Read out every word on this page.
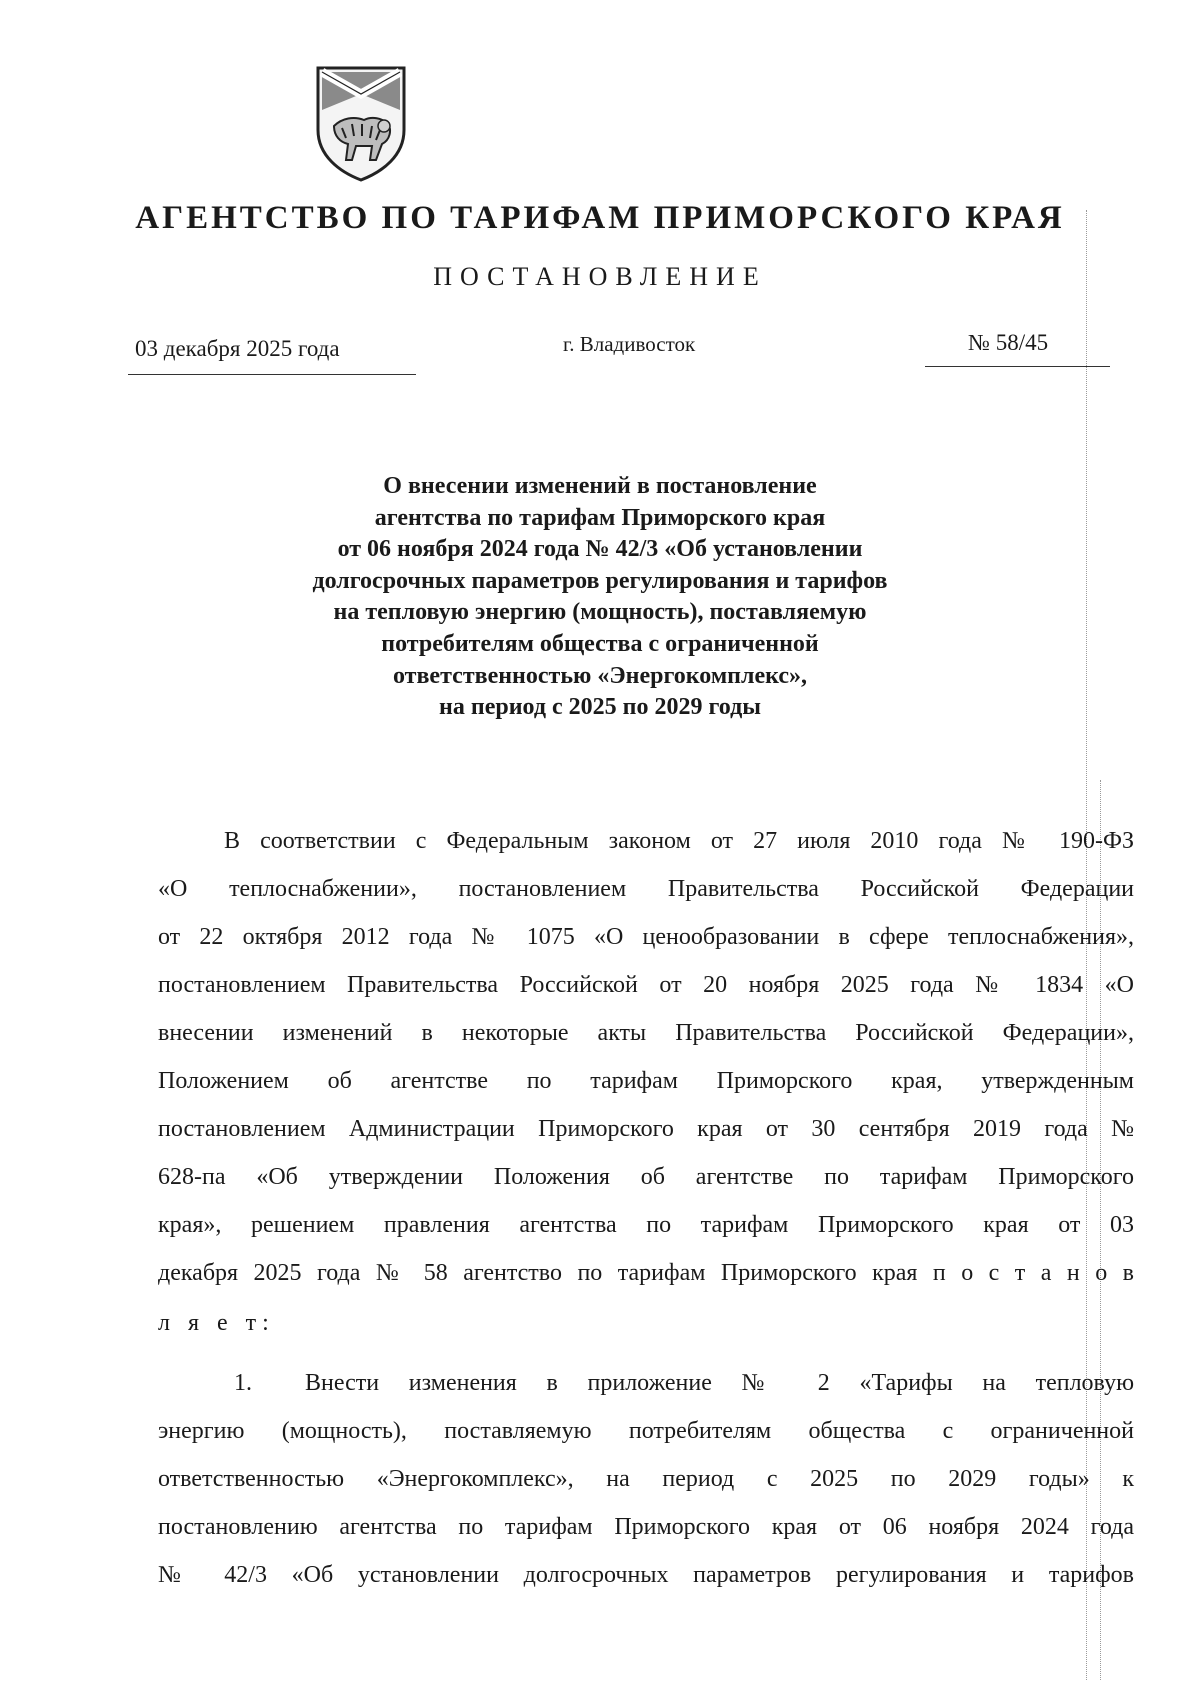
АГЕНТСТВО ПО ТАРИФАМ ПРИМОРСКОГО КРАЯ
ПОСТАНОВЛЕНИЕ
03 декабря 2025 года	г. Владивосток	№ 58/45
О внесении изменений в постановление
агентства по тарифам Приморского края
от 06 ноября 2024 года № 42/3 «Об установлении
долгосрочных параметров регулирования и тарифов
на тепловую энергию (мощность), поставляемую
потребителям общества с ограниченной
ответственностью «Энергокомплекс»,
на период с 2025 по 2029 годы
В соответствии с Федеральным законом от 27 июля 2010 года № 190-ФЗ
«О теплоснабжении», постановлением Правительства Российской Федерации
от 22 октября 2012 года № 1075 «О ценообразовании в сфере теплоснабжения»,
постановлением Правительства Российской от 20 ноября 2025 года № 1834 «О
внесении изменений в некоторые акты Правительства Российской Федерации»,
Положением об агентстве по тарифам Приморского края, утвержденным
постановлением Администрации Приморского края от 30 сентября 2019 года №
628-па «Об утверждении Положения об агентстве по тарифам Приморского
края», решением правления агентства по тарифам Приморского края от 03
декабря 2025 года № 58 агентство по тарифам Приморского края п о с т а н о в
л я е т:
1. Внести изменения в приложение № 2 «Тарифы на тепловую
энергию (мощность), поставляемую потребителям общества с ограниченной
ответственностью «Энергокомплекс», на период с 2025 по 2029 годы» к
постановлению агентства по тарифам Приморского края от 06 ноября 2024 года
№ 42/3 «Об установлении долгосрочных параметров регулирования и тарифов
